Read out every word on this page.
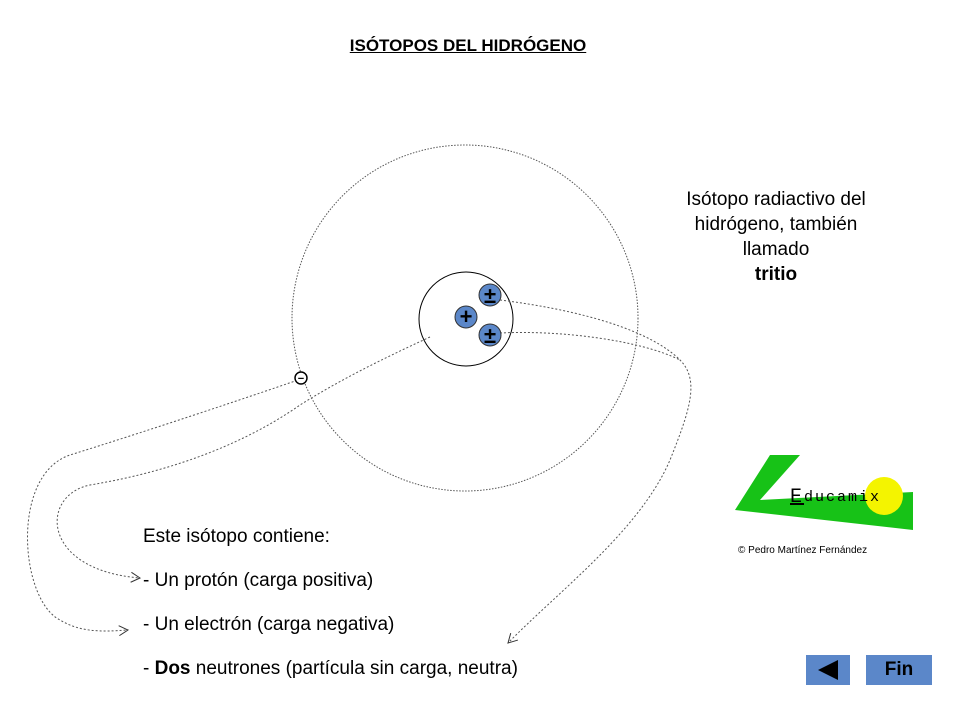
ISÓTOPOS DEL HIDRÓGENO
±
+
±
−
Educamix
Isótopo radiactivo del
hidrógeno, también
llamado
tritio
Este isótopo contiene:
- Un protón (carga positiva)
- Un electrón (carga negativa)
- Dos neutrones (partícula sin carga, neutra)
© Pedro Martínez Fernández
Fin
